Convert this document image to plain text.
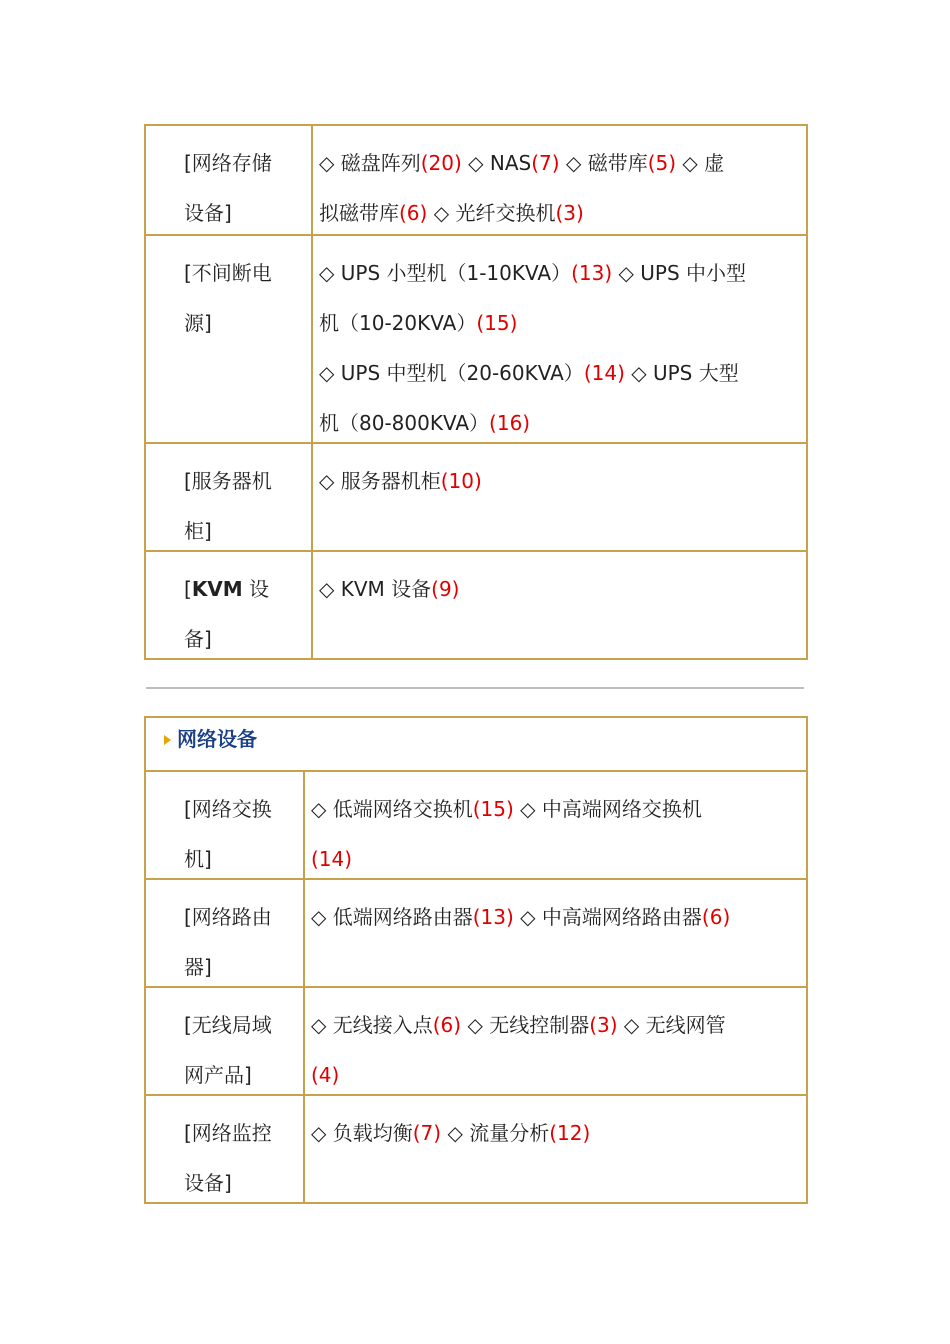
[网络存储
设备]
◇ 磁盘阵列(20) ◇ NAS(7) ◇ 磁带库(5) ◇ 虚
拟磁带库(6) ◇ 光纤交换机(3)
[不间断电
源]
◇ UPS 小型机（1-10KVA）(13) ◇ UPS 中小型
机（10-20KVA）(15)
◇ UPS 中型机（20-60KVA）(14) ◇ UPS 大型
机（80-800KVA）(16)
[服务器机
柜]
◇ 服务器机柜(10)
[KVM 设
备]
◇ KVM 设备(9)
网络设备
[网络交换
机]
◇ 低端网络交换机(15) ◇ 中高端网络交换机
(14)
[网络路由
器]
◇ 低端网络路由器(13) ◇ 中高端网络路由器(6)
[无线局域
网产品]
◇ 无线接入点(6) ◇ 无线控制器(3) ◇ 无线网管
(4)
[网络监控
设备]
◇ 负载均衡(7) ◇ 流量分析(12)
